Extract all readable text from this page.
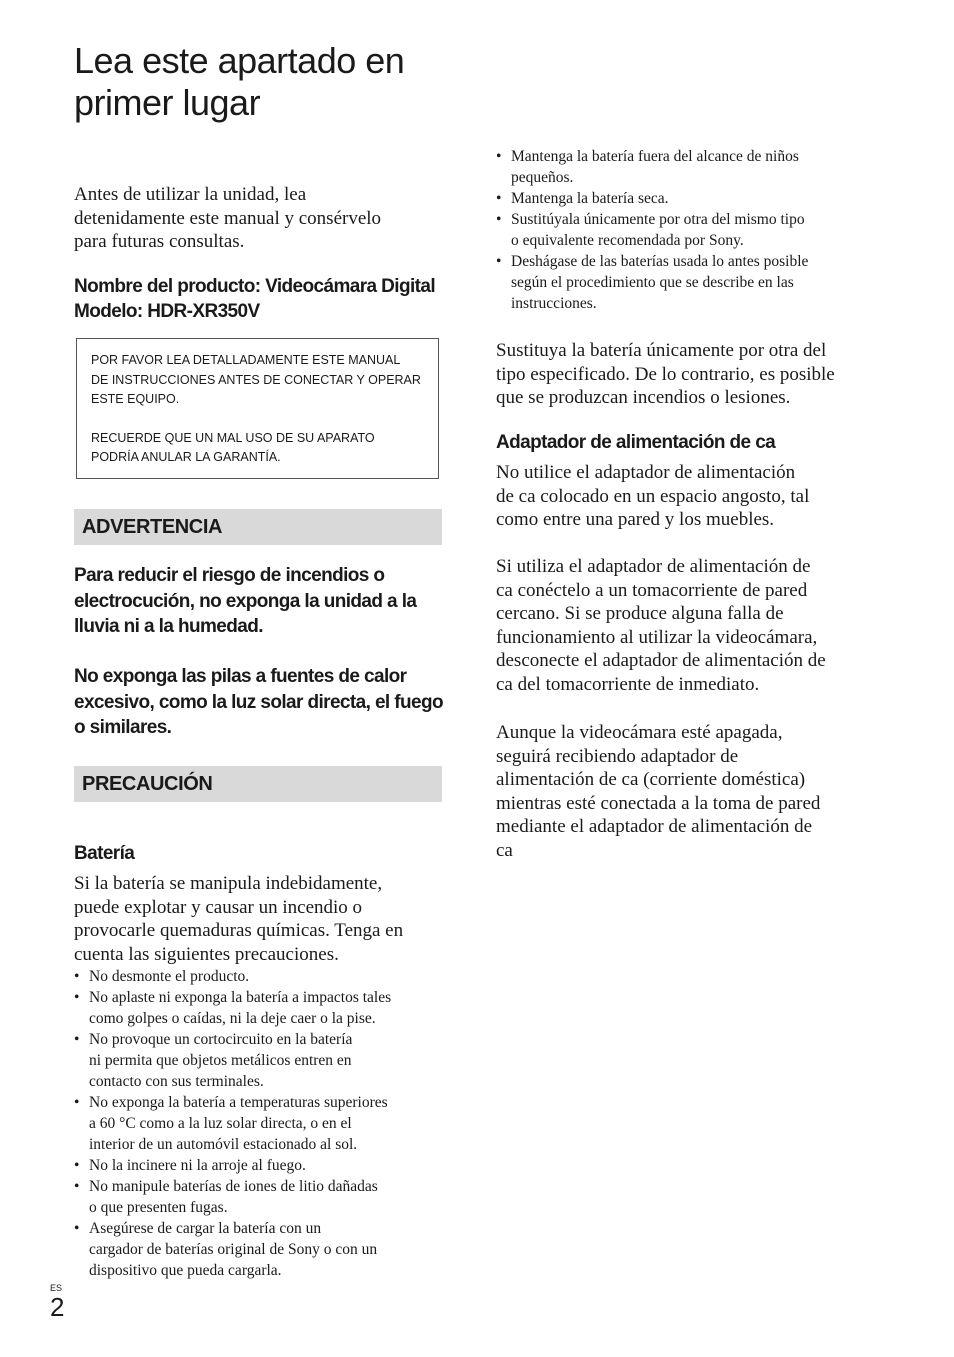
Lea este apartado en
primer lugar

Antes de utilizar la unidad, lea
detenidamente este manual y consérvelo
para futuras consultas.

Nombre del producto: Videocámara Digital
Modelo: HDR-XR350V

POR FAVOR LEA DETALLADAMENTE ESTE MANUAL
DE INSTRUCCIONES ANTES DE CONECTAR Y OPERAR
ESTE EQUIPO.

RECUERDE QUE UN MAL USO DE SU APARATO
PODRÍA ANULAR LA GARANTÍA.

ADVERTENCIA

Para reducir el riesgo de incendios o
electrocución, no exponga la unidad a la
lluvia ni a la humedad.

No exponga las pilas a fuentes de calor
excesivo, como la luz solar directa, el fuego
o similares.

PRECAUCIÓN

Batería

Si la batería se manipula indebidamente,
puede explotar y causar un incendio o
provocarle quemaduras químicas. Tenga en
cuenta las siguientes precauciones.

• No desmonte el producto.
• No aplaste ni exponga la batería a impactos tales
como golpes o caídas, ni la deje caer o la pise.
• No provoque un cortocircuito en la batería
ni permita que objetos metálicos entren en
contacto con sus terminales.
• No exponga la batería a temperaturas superiores
a 60 °C como a la luz solar directa, o en el
interior de un automóvil estacionado al sol.
• No la incinere ni la arroje al fuego.
• No manipule baterías de iones de litio dañadas
o que presenten fugas.
• Asegúrese de cargar la batería con un
cargador de baterías original de Sony o con un
dispositivo que pueda cargarla.
• Mantenga la batería fuera del alcance de niños
pequeños.
• Mantenga la batería seca.
• Sustitúyala únicamente por otra del mismo tipo
o equivalente recomendada por Sony.
• Deshágase de las baterías usada lo antes posible
según el procedimiento que se describe en las
instrucciones.

Sustituya la batería únicamente por otra del
tipo especificado. De lo contrario, es posible
que se produzcan incendios o lesiones.

Adaptador de alimentación de ca

No utilice el adaptador de alimentación
de ca colocado en un espacio angosto, tal
como entre una pared y los muebles.

Si utiliza el adaptador de alimentación de
ca conéctelo a un tomacorriente de pared
cercano. Si se produce alguna falla de
funcionamiento al utilizar la videocámara,
desconecte el adaptador de alimentación de
ca del tomacorriente de inmediato.

Aunque la videocámara esté apagada,
seguirá recibiendo adaptador de
alimentación de ca (corriente doméstica)
mientras esté conectada a la toma de pared
mediante el adaptador de alimentación de
ca

ES
2
